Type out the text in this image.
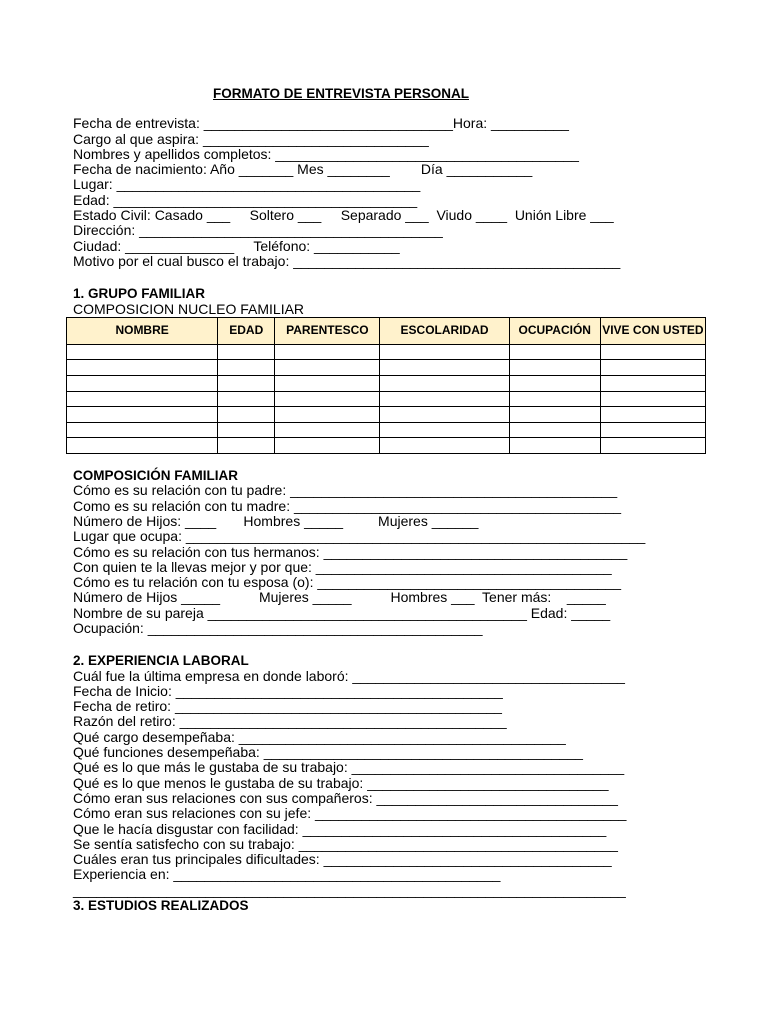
FORMATO DE ENTREVISTA PERSONAL
Fecha de entrevista: ________________________________Hora: __________
Cargo al que aspira: _____________________________
Nombres y apellidos completos: _______________________________________
Fecha de nacimiento: Año _______ Mes ________        Día ___________
Lugar: _______________________________________
Edad: _______________________________________
Estado Civil: Casado ___     Soltero ___     Separado ___  Viudo ____  Unión Libre ___
Dirección: _______________________________________
Ciudad: ______________     Teléfono: ___________
Motivo por el cual busco el trabajo: __________________________________________
1. GRUPO FAMILIAR
COMPOSICION NUCLEO FAMILIAR
NOMBRE	EDAD	PARENTESCO	ESCOLARIDAD	OCUPACIÓN	VIVE CON USTED

COMPOSICIÓN FAMILIAR
Cómo es su relación con tu padre: __________________________________________
Como es su relación con tu madre: __________________________________________
Número de Hijos: ____       Hombres _____         Mujeres ______
Lugar que ocupa: ___________________________________________________________
Cómo es su relación con tus hermanos: _______________________________________
Con quien te la llevas mejor y por que: ______________________________________
Cómo es tu relación con tu esposa (o): _______________________________________
Número de Hijos _____          Mujeres _____          Hombres ___  Tener más:    _____
Nombre de su pareja _________________________________________ Edad: _____
Ocupación: ___________________________________________
2. EXPERIENCIA LABORAL
Cuál fue la última empresa en donde laboró: ___________________________________
Fecha de Inicio: __________________________________________
Fecha de retiro: __________________________________________
Razón del retiro: __________________________________________
Qué cargo desempeñaba: __________________________________________
Qué funciones desempeñaba: _________________________________________
Qué es lo que más le gustaba de su trabajo: ___________________________________
Qué es lo que menos le gustaba de su trabajo: _______________________________
Cómo eran sus relaciones con sus compañeros: _______________________________
Cómo eran sus relaciones con su jefe: ________________________________________
Que le hacía disgustar con facilidad: _______________________________________
Se sentía satisfecho con su trabajo: _________________________________________
Cuáles eran tus principales dificultades: _____________________________________
Experiencia en: __________________________________________
_______________________________________________________________________
3. ESTUDIOS REALIZADOS
